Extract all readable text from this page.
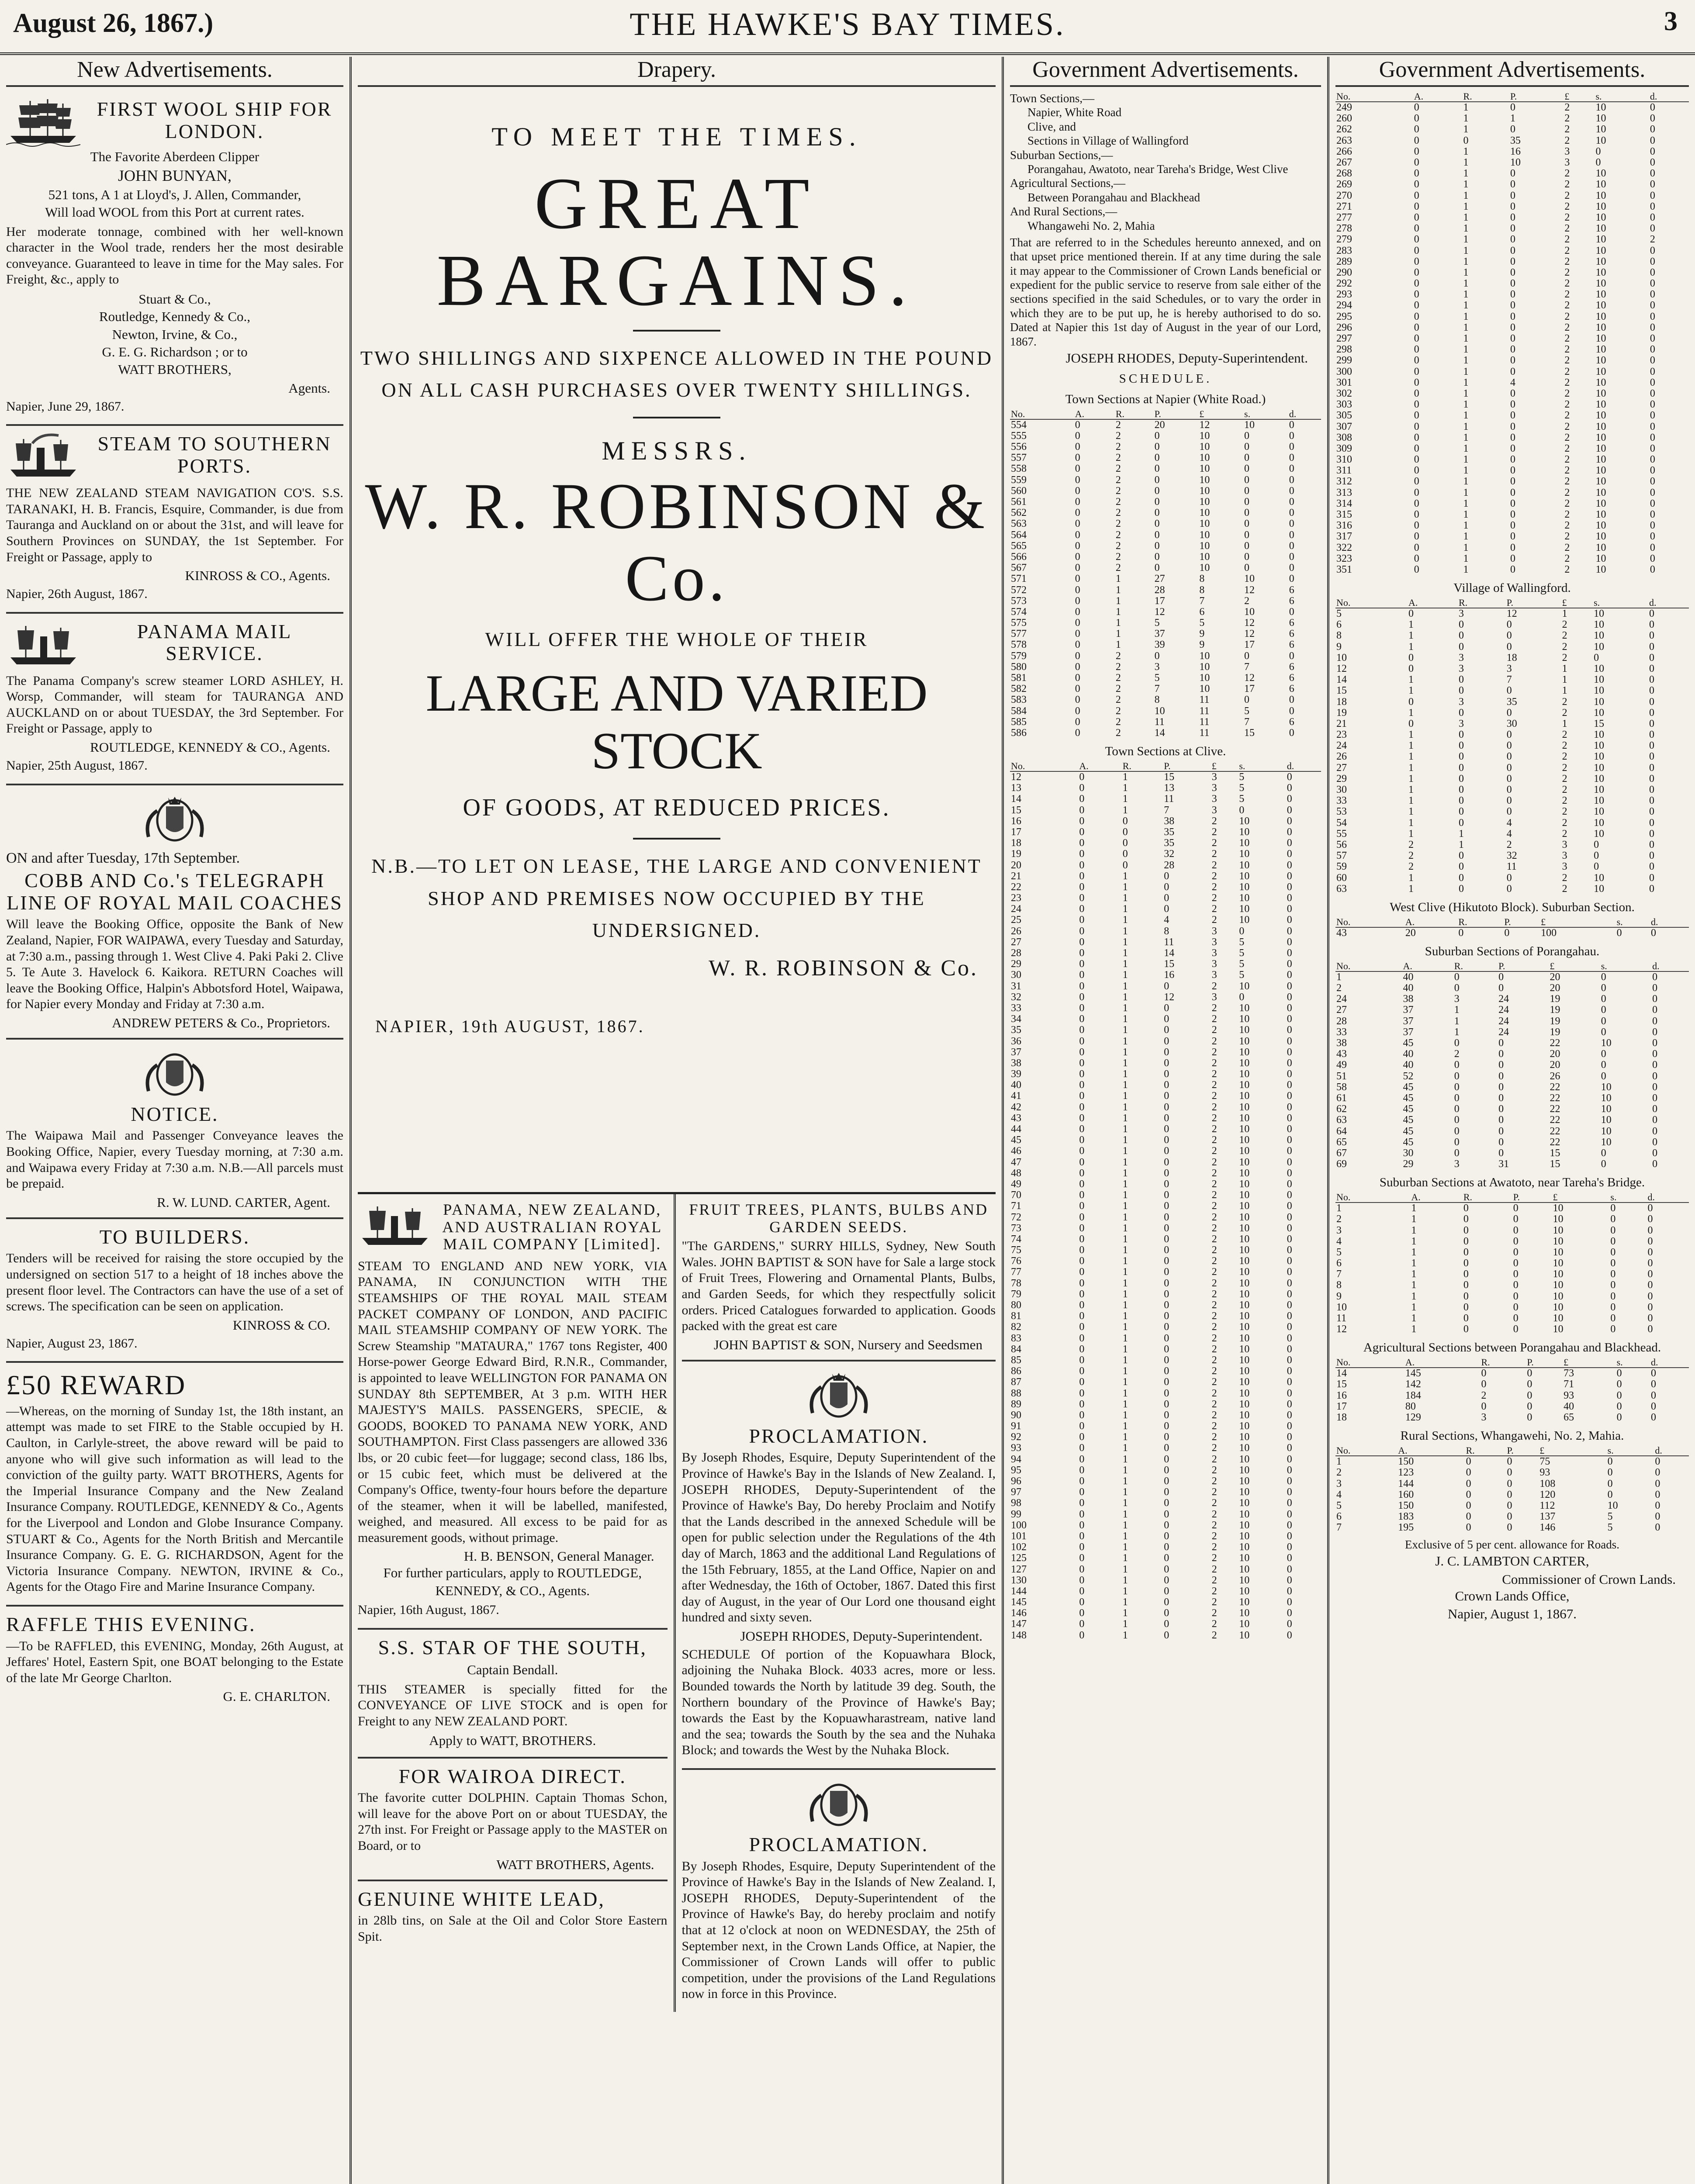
August 26, 1867.)	THE HAWKE'S BAY TIMES.	3
New Advertisements.
FIRST WOOL SHIP FOR LONDON.
The Favorite Aberdeen Clipper
JOHN BUNYAN,
521 tons, A 1 at Lloyd's, J. Allen, Commander,
Will load WOOL from this Port at current rates.
Her moderate tonnage, combined with her well-known character in the Wool trade, renders her the most desirable conveyance. Guaranteed to leave in time for the May sales. For Freight, &c., apply to
Stuart & Co.,
Routledge, Kennedy & Co.,
Newton, Irvine, & Co.,
G. E. G. Richardson ; or to
WATT BROTHERS,
Agents.
Napier, June 29, 1867.
STEAM TO SOUTHERN PORTS.
THE NEW ZEALAND STEAM NAVIGATION CO'S. S.S. TARANAKI, H. B. Francis, Esquire, Commander, is due from Tauranga and Auckland on or about the 31st, and will leave for Southern Provinces on SUNDAY, the 1st September. For Freight or Passage, apply to
KINROSS & CO., Agents.
Napier, 26th August, 1867.
PANAMA MAIL SERVICE.
The Panama Company's screw steamer LORD ASHLEY, H. Worsp, Commander, will steam for TAURANGA AND AUCKLAND on or about TUESDAY, the 3rd September. For Freight or Passage, apply to
ROUTLEDGE, KENNEDY & CO., Agents.
Napier, 25th August, 1867.
ON and after Tuesday, 17th September.
COBB AND Co.'s TELEGRAPH LINE OF ROYAL MAIL COACHES
Will leave the Booking Office, opposite the Bank of New Zealand, Napier, FOR WAIPAWA, every Tuesday and Saturday, at 7:30 a.m., passing through 1. West Clive 4. Paki Paki 2. Clive 5. Te Aute 3. Havelock 6. Kaikora. RETURN Coaches will leave the Booking Office, Halpin's Abbotsford Hotel, Waipawa, for Napier every Monday and Friday at 7:30 a.m.
ANDREW PETERS & Co., Proprietors.
NOTICE.
The Waipawa Mail and Passenger Conveyance leaves the Booking Office, Napier, every Tuesday morning, at 7:30 a.m. and Waipawa every Friday at 7:30 a.m. N.B.—All parcels must be prepaid.
R. W. LUND. CARTER, Agent.
TO BUILDERS.
Tenders will be received for raising the store occupied by the undersigned on section 517 to a height of 18 inches above the present floor level. The Contractors can have the use of a set of screws. The specification can be seen on application.
KINROSS & CO.
Napier, August 23, 1867.
£50 REWARD
—Whereas, on the morning of Sunday 1st, the 18th instant, an attempt was made to set FIRE to the Stable occupied by H. Caulton, in Carlyle-street, the above reward will be paid to anyone who will give such information as will lead to the conviction of the guilty party. WATT BROTHERS, Agents for the Imperial Insurance Company and the New Zealand Insurance Company. ROUTLEDGE, KENNEDY & Co., Agents for the Liverpool and London and Globe Insurance Company. STUART & Co., Agents for the North British and Mercantile Insurance Company. G. E. G. RICHARDSON, Agent for the Victoria Insurance Company. NEWTON, IRVINE & Co., Agents for the Otago Fire and Marine Insurance Company.
RAFFLE THIS EVENING.
—To be RAFFLED, this EVENING, Monday, 26th August, at Jeffares' Hotel, Eastern Spit, one BOAT belonging to the Estate of the late Mr George Charlton.
G. E. CHARLTON.
Drapery.
TO MEET THE TIMES.
GREAT BARGAINS.
TWO SHILLINGS AND SIXPENCE ALLOWED IN THE POUND ON ALL CASH PURCHASES OVER TWENTY SHILLINGS.
MESSRS.
W. R. ROBINSON & Co.
WILL OFFER THE WHOLE OF THEIR
LARGE AND VARIED STOCK
OF GOODS, AT REDUCED PRICES.
N.B.—TO LET ON LEASE, THE LARGE AND CONVENIENT SHOP AND PREMISES NOW OCCUPIED BY THE UNDERSIGNED.
W. R. ROBINSON & Co.
NAPIER, 19th AUGUST, 1867.
PANAMA, NEW ZEALAND, AND AUSTRALIAN ROYAL MAIL COMPANY [Limited].
STEAM TO ENGLAND AND NEW YORK, VIA PANAMA, IN CONJUNCTION WITH THE STEAMSHIPS OF THE ROYAL MAIL STEAM PACKET COMPANY OF LONDON, AND PACIFIC MAIL STEAMSHIP COMPANY OF NEW YORK. The Screw Steamship "MATAURA," 1767 tons Register, 400 Horse-power George Edward Bird, R.N.R., Commander, is appointed to leave WELLINGTON FOR PANAMA ON SUNDAY 8th SEPTEMBER, At 3 p.m. WITH HER MAJESTY'S MAILS. PASSENGERS, SPECIE, & GOODS, BOOKED TO PANAMA NEW YORK, AND SOUTHAMPTON. First Class passengers are allowed 336 lbs, or 20 cubic feet—for luggage; second class, 186 lbs, or 15 cubic feet, which must be delivered at the Company's Office, twenty-four hours before the departure of the steamer, when it will be labelled, manifested, weighed, and measured. All excess to be paid for as measurement goods, without primage.
H. B. BENSON, General Manager.
For further particulars, apply to ROUTLEDGE, KENNEDY, & CO., Agents.
Napier, 16th August, 1867.
S.S. STAR OF THE SOUTH,
Captain Bendall.
THIS STEAMER is specially fitted for the CONVEYANCE OF LIVE STOCK and is open for Freight to any NEW ZEALAND PORT.
Apply to WATT, BROTHERS.
FOR WAIROA DIRECT.
The favorite cutter DOLPHIN. Captain Thomas Schon, will leave for the above Port on or about TUESDAY, the 27th inst. For Freight or Passage apply to the MASTER on Board, or to
WATT BROTHERS, Agents.
GENUINE WHITE LEAD,
in 28lb tins, on Sale at the Oil and Color Store Eastern Spit.
FRUIT TREES, PLANTS, BULBS AND GARDEN SEEDS.
"The GARDENS," SURRY HILLS, Sydney, New South Wales. JOHN BAPTIST & SON have for Sale a large stock of Fruit Trees, Flowering and Ornamental Plants, Bulbs, and Garden Seeds, for which they respectfully solicit orders. Priced Catalogues forwarded to application. Goods packed with the great est care
JOHN BAPTIST & SON, Nursery and Seedsmen
PROCLAMATION.
By Joseph Rhodes, Esquire, Deputy Superintendent of the Province of Hawke's Bay in the Islands of New Zealand. I, JOSEPH RHODES, Deputy-Superintendent of the Province of Hawke's Bay, Do hereby Proclaim and Notify that the Lands described in the annexed Schedule will be open for public selection under the Regulations of the 4th day of March, 1863 and the additional Land Regulations of the 15th February, 1855, at the Land Office, Napier on and after Wednesday, the 16th of October, 1867. Dated this first day of August, in the year of Our Lord one thousand eight hundred and sixty seven.
JOSEPH RHODES, Deputy-Superintendent.
SCHEDULE Of portion of the Kopuawhara Block, adjoining the Nuhaka Block. 4033 acres, more or less. Bounded towards the North by latitude 39 deg. South, the Northern boundary of the Province of Hawke's Bay; towards the East by the Kopuawharastream, native land and the sea; towards the South by the sea and the Nuhaka Block; and towards the West by the Nuhaka Block.
PROCLAMATION.
By Joseph Rhodes, Esquire, Deputy Superintendent of the Province of Hawke's Bay in the Islands of New Zealand. I, JOSEPH RHODES, Deputy-Superintendent of the Province of Hawke's Bay, do hereby proclaim and notify that at 12 o'clock at noon on WEDNESDAY, the 25th of September next, in the Crown Lands Office, at Napier, the Commissioner of Crown Lands will offer to public competition, under the provisions of the Land Regulations now in force in this Province.
Government Advertisements.

Town Sections,—

Napier, White Road

Clive, and

Sections in Village of Wallingford

Suburban Sections,—

Porangahau, Awatoto, near Tareha's Bridge, West Clive

Agricultural Sections,—

Between Porangahau and Blackhead

And Rural Sections,—

Whangawehi No. 2, Mahia

That are referred to in the Schedules hereunto annexed, and on that upset price mentioned therein. If at any time during the sale it may appear to the Commissioner of Crown Lands beneficial or expedient for the public service to reserve from sale either of the sections specified in the said Schedules, or to vary the order in which they are to be put up, he is hereby authorised to do so. Dated at Napier this 1st day of August in the year of our Lord, 1867.

JOSEPH RHODES, Deputy-Superintendent.
SCHEDULE.
Town Sections at Napier (White Road.)
No.	A.	R.	P.	£	s.	d.
554	0	2	20	12	10	0
555	0	2	0	10	0	0
556	0	2	0	10	0	0
557	0	2	0	10	0	0
558	0	2	0	10	0	0
559	0	2	0	10	0	0
560	0	2	0	10	0	0
561	0	2	0	10	0	0
562	0	2	0	10	0	0
563	0	2	0	10	0	0
564	0	2	0	10	0	0
565	0	2	0	10	0	0
566	0	2	0	10	0	0
567	0	2	0	10	0	0
571	0	1	27	8	10	0
572	0	1	28	8	12	6
573	0	1	17	7	2	6
574	0	1	12	6	10	0
575	0	1	5	5	12	6
577	0	1	37	9	12	6
578	0	1	39	9	17	6
579	0	2	0	10	0	0
580	0	2	3	10	7	6
581	0	2	5	10	12	6
582	0	2	7	10	17	6
583	0	2	8	11	0	0
584	0	2	10	11	5	0
585	0	2	11	11	7	6
586	0	2	14	11	15	0
Town Sections at Clive.
No.	A.	R.	P.	£	s.	d.
12	0	1	15	3	5	0
13	0	1	13	3	5	0
14	0	1	11	3	5	0
15	0	1	7	3	0	0
16	0	0	38	2	10	0
17	0	0	35	2	10	0
18	0	0	35	2	10	0
19	0	0	32	2	10	0
20	0	0	28	2	10	0
21	0	1	0	2	10	0
22	0	1	0	2	10	0
23	0	1	0	2	10	0
24	0	1	0	2	10	0
25	0	1	4	2	10	0
26	0	1	8	3	0	0
27	0	1	11	3	5	0
28	0	1	14	3	5	0
29	0	1	15	3	5	0
30	0	1	16	3	5	0
31	0	1	0	2	10	0
32	0	1	12	3	0	0
33	0	1	0	2	10	0
34	0	1	0	2	10	0
35	0	1	0	2	10	0
36	0	1	0	2	10	0
37	0	1	0	2	10	0
38	0	1	0	2	10	0
39	0	1	0	2	10	0
40	0	1	0	2	10	0
41	0	1	0	2	10	0
42	0	1	0	2	10	0
43	0	1	0	2	10	0
44	0	1	0	2	10	0
45	0	1	0	2	10	0
46	0	1	0	2	10	0
47	0	1	0	2	10	0
48	0	1	0	2	10	0
49	0	1	0	2	10	0
70	0	1	0	2	10	0
71	0	1	0	2	10	0
72	0	1	0	2	10	0
73	0	1	0	2	10	0
74	0	1	0	2	10	0
75	0	1	0	2	10	0
76	0	1	0	2	10	0
77	0	1	0	2	10	0
78	0	1	0	2	10	0
79	0	1	0	2	10	0
80	0	1	0	2	10	0
81	0	1	0	2	10	0
82	0	1	0	2	10	0
83	0	1	0	2	10	0
84	0	1	0	2	10	0
85	0	1	0	2	10	0
86	0	1	0	2	10	0
87	0	1	0	2	10	0
88	0	1	0	2	10	0
89	0	1	0	2	10	0
90	0	1	0	2	10	0
91	0	1	0	2	10	0
92	0	1	0	2	10	0
93	0	1	0	2	10	0
94	0	1	0	2	10	0
95	0	1	0	2	10	0
96	0	1	0	2	10	0
97	0	1	0	2	10	0
98	0	1	0	2	10	0
99	0	1	0	2	10	0
100	0	1	0	2	10	0
101	0	1	0	2	10	0
102	0	1	0	2	10	0
125	0	1	0	2	10	0
127	0	1	0	2	10	0
130	0	1	0	2	10	0
144	0	1	0	2	10	0
145	0	1	0	2	10	0
146	0	1	0	2	10	0
147	0	1	0	2	10	0
148	0	1	0	2	10	0
Government Advertisements.
No.	A.	R.	P.	£	s.	d.
249	0	1	0	2	10	0
260	0	1	1	2	10	0
262	0	1	0	2	10	0
263	0	0	35	2	10	0
266	0	1	16	3	0	0
267	0	1	10	3	0	0
268	0	1	0	2	10	0
269	0	1	0	2	10	0
270	0	1	0	2	10	0
271	0	1	0	2	10	0
277	0	1	0	2	10	0
278	0	1	0	2	10	0
279	0	1	0	2	10	2
283	0	1	0	2	10	0
289	0	1	0	2	10	0
290	0	1	0	2	10	0
292	0	1	0	2	10	0
293	0	1	0	2	10	0
294	0	1	0	2	10	0
295	0	1	0	2	10	0
296	0	1	0	2	10	0
297	0	1	0	2	10	0
298	0	1	0	2	10	0
299	0	1	0	2	10	0
300	0	1	0	2	10	0
301	0	1	4	2	10	0
302	0	1	0	2	10	0
303	0	1	0	2	10	0
305	0	1	0	2	10	0
307	0	1	0	2	10	0
308	0	1	0	2	10	0
309	0	1	0	2	10	0
310	0	1	0	2	10	0
311	0	1	0	2	10	0
312	0	1	0	2	10	0
313	0	1	0	2	10	0
314	0	1	0	2	10	0
315	0	1	0	2	10	0
316	0	1	0	2	10	0
317	0	1	0	2	10	0
322	0	1	0	2	10	0
323	0	1	0	2	10	0
351	0	1	0	2	10	0
Village of Wallingford.
No.	A.	R.	P.	£	s.	d.
5	0	3	12	1	10	0
6	1	0	0	2	10	0
8	1	0	0	2	10	0
9	1	0	0	2	10	0
10	0	3	18	2	0	0
12	0	3	3	1	10	0
14	1	0	7	1	10	0
15	1	0	0	1	10	0
18	0	3	35	2	10	0
19	1	0	0	2	10	0
21	0	3	30	1	15	0
23	1	0	0	2	10	0
24	1	0	0	2	10	0
26	1	0	0	2	10	0
27	1	0	0	2	10	0
29	1	0	0	2	10	0
30	1	0	0	2	10	0
33	1	0	0	2	10	0
53	1	0	0	2	10	0
54	1	0	4	2	10	0
55	1	1	4	2	10	0
56	2	1	2	3	0	0
57	2	0	32	3	0	0
59	2	0	11	3	0	0
60	1	0	0	2	10	0
63	1	0	0	2	10	0
West Clive (Hikutoto Block). Suburban Section.
No.	A.	R.	P.	£	s.	d.
43	20	0	0	100	0	0
Suburban Sections of Porangahau.
No.	A.	R.	P.	£	s.	d.
1	40	0	0	20	0	0
2	40	0	0	20	0	0
24	38	3	24	19	0	0
27	37	1	24	19	0	0
28	37	1	24	19	0	0
33	37	1	24	19	0	0
38	45	0	0	22	10	0
43	40	2	0	20	0	0
49	40	0	0	20	0	0
51	52	0	0	26	0	0
58	45	0	0	22	10	0
61	45	0	0	22	10	0
62	45	0	0	22	10	0
63	45	0	0	22	10	0
64	45	0	0	22	10	0
65	45	0	0	22	10	0
67	30	0	0	15	0	0
69	29	3	31	15	0	0
Suburban Sections at Awatoto, near Tareha's Bridge.
No.	A.	R.	P.	£	s.	d.
1	1	0	0	10	0	0
2	1	0	0	10	0	0
3	1	0	0	10	0	0
4	1	0	0	10	0	0
5	1	0	0	10	0	0
6	1	0	0	10	0	0
7	1	0	0	10	0	0
8	1	0	0	10	0	0
9	1	0	0	10	0	0
10	1	0	0	10	0	0
11	1	0	0	10	0	0
12	1	0	0	10	0	0
Agricultural Sections between Porangahau and Blackhead.
No.	A.	R.	P.	£	s.	d.
14	145	0	0	73	0	0
15	142	0	0	71	0	0
16	184	2	0	93	0	0
17	80	0	0	40	0	0
18	129	3	0	65	0	0
Rural Sections, Whangawehi, No. 2, Mahia.
No.	A.	R.	P.	£	s.	d.
1	150	0	0	75	0	0
2	123	0	0	93	0	0
3	144	0	0	108	0	0
4	160	0	0	120	0	0
5	150	0	0	112	10	0
6	183	0	0	137	5	0
7	195	0	0	146	5	0
Exclusive of 5 per cent. allowance for Roads.
J. C. LAMBTON CARTER,
Commissioner of Crown Lands.
Crown Lands Office,
Napier, August 1, 1867.
